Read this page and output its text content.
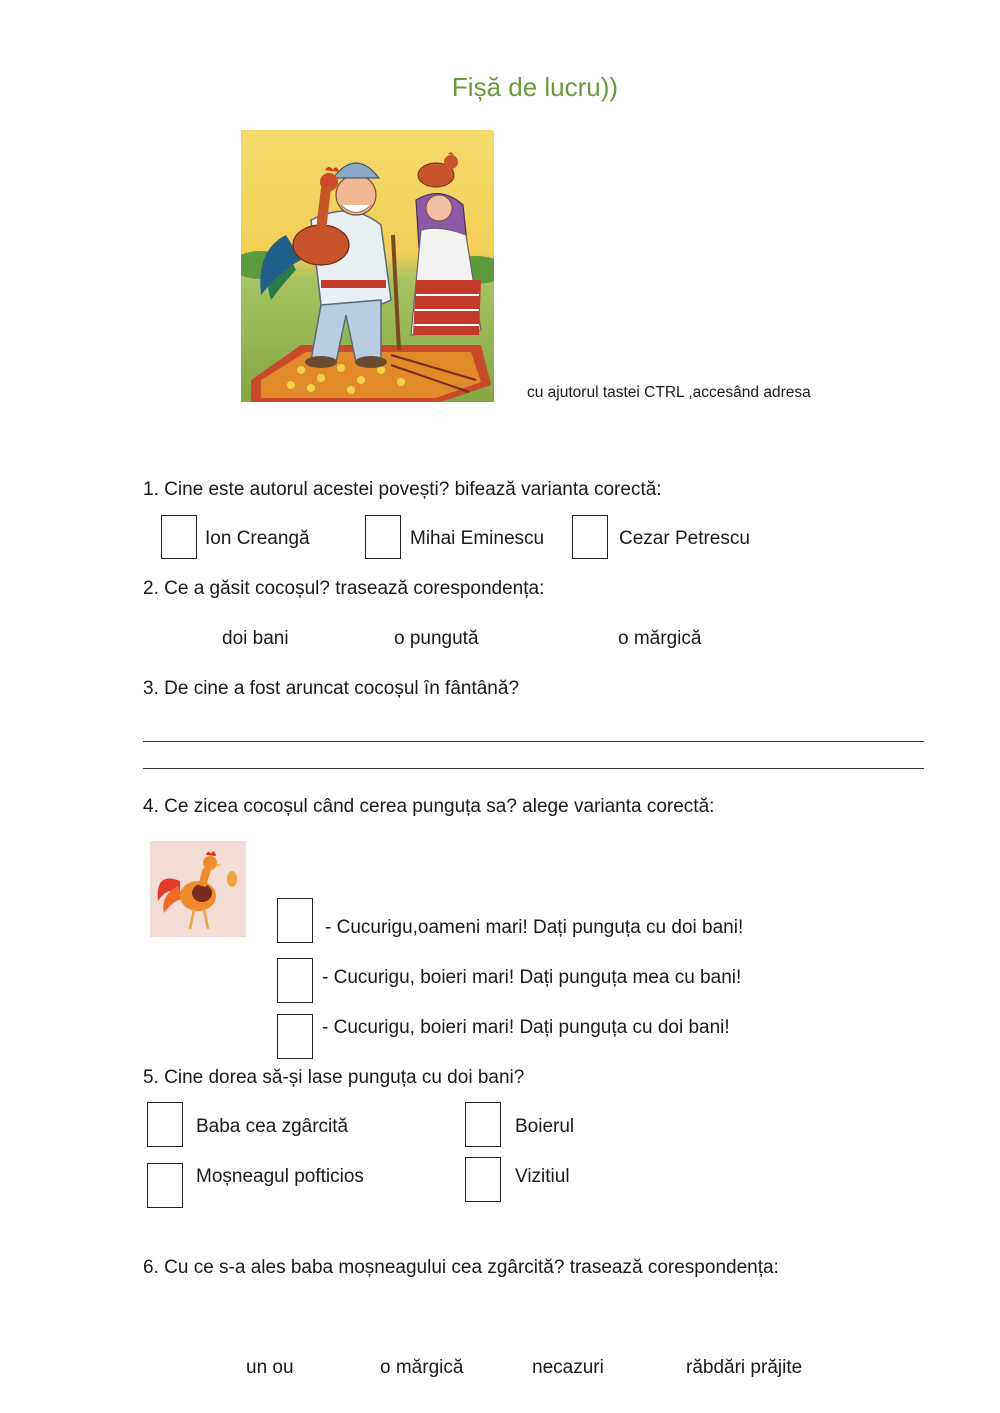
Fișă de lucru))
cu ajutorul tastei CTRL ,accesând adresa
1. Cine este autorul acestei povești? bifează varianta corectă:
Ion Creangă	Mihai Eminescu	Cezar Petrescu
2. Ce a găsit cocoșul? trasează corespondența:
doi bani	o pungută	o mărgică
3. De cine a fost aruncat cocoșul în fântână?
4. Ce zicea cocoșul când cerea punguța sa? alege varianta corectă:
- Cucurigu,oameni mari! Dați punguța cu doi bani!
- Cucurigu, boieri mari! Dați punguța mea cu bani!
- Cucurigu, boieri mari! Dați punguța cu doi bani!
5. Cine dorea să-și lase punguța cu doi bani?
Baba cea zgârcită	Boierul
Moșneagul pofticios	Vizitiul
6. Cu ce s-a ales baba moșneagului cea zgârcită? trasează corespondența:
un ou	o mărgică	necazuri	răbdări prăjite
